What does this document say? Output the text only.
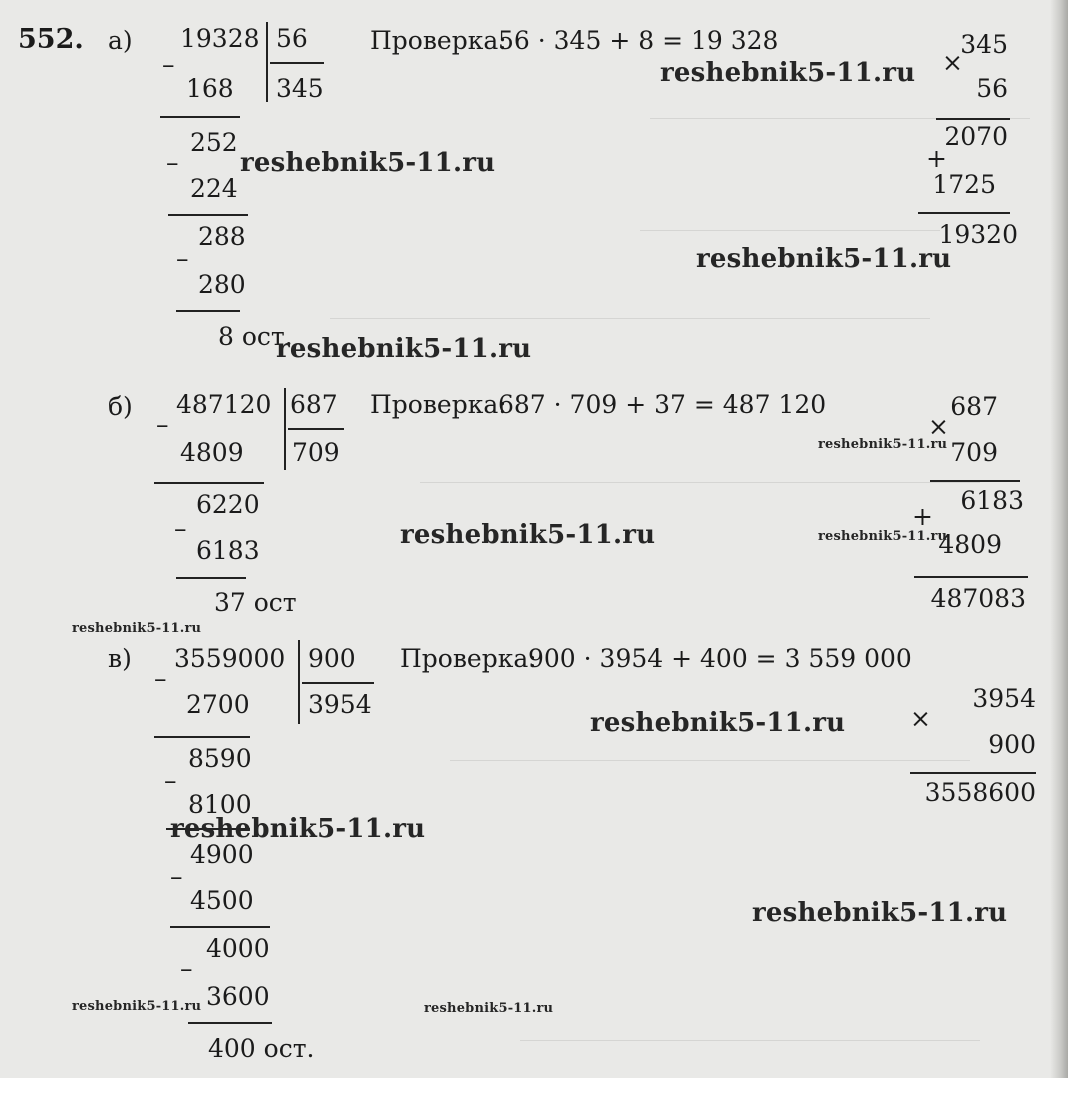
552. а) 19328 56
345
–
168
252
–
224
288
–
280
8 ост.
Проверка:
56 · 345 + 8 = 19 328	345
×
56
2070
+
1725
19320
б) 487120 687
709
–
4809
6220
–
6183
37 ост
Проверка:
687 · 709 + 37 = 487 120	687
×
709
6183
+
4809
487083
в) 3559000 900
3954
–
2700
8590
–
8100
4900
–
4500
4000
–
3600
400 ост.
Проверка:
900 · 3954 + 400 = 3 559 000
3954
×
900
3558600
reshebnik5-11.ru
reshebnik5-11.ru
reshebnik5-11.ru
reshebnik5-11.ru
reshebnik5-11.ru
reshebnik5-11.ru	reshebnik5-11.ru
reshebnik5-11.ru
reshebnik5-11.ru
reshebnik5-11.ru
reshebnik5-11.ru
reshebnik5-11.ru	reshebnik5-11.ru
